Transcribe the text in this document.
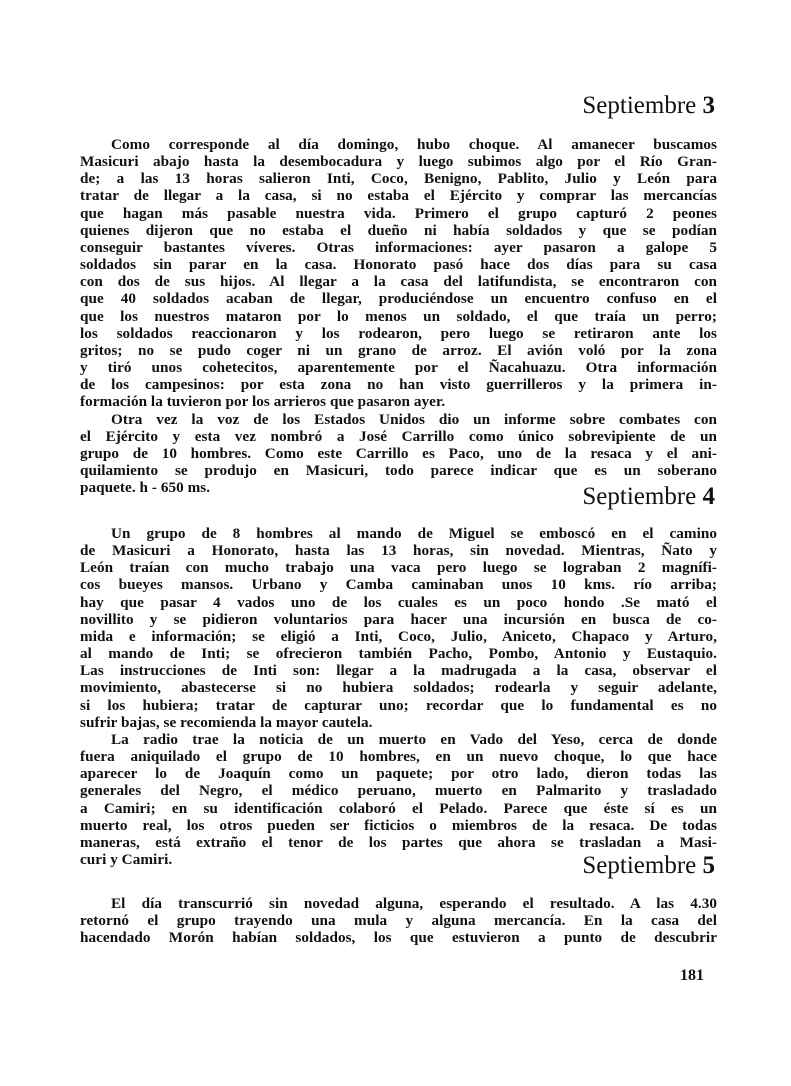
Septiembre 3
Como corresponde al día domingo, hubo choque. Al amanecer buscamos
Masicuri abajo hasta la desembocadura y luego subimos algo por el Río Gran-
de; a las 13 horas salieron Inti, Coco, Benigno, Pablito, Julio y León para
tratar de llegar a la casa, si no estaba el Ejército y comprar las mercancías
que hagan más pasable nuestra vida. Primero el grupo capturó 2 peones
quienes dijeron que no estaba el dueño ni había soldados y que se podían
conseguir bastantes víveres. Otras informaciones: ayer pasaron a galope 5
soldados sin parar en la casa. Honorato pasó hace dos días para su casa
con dos de sus hijos. Al llegar a la casa del latifundista, se encontraron con
que 40 soldados acaban de llegar, produciéndose un encuentro confuso en el
que los nuestros mataron por lo menos un soldado, el que traía un perro;
los soldados reaccionaron y los rodearon, pero luego se retiraron ante los
gritos; no se pudo coger ni un grano de arroz. El avión voló por la zona
y tiró unos cohetecitos, aparentemente por el Ñacahuazu. Otra información
de los campesinos: por esta zona no han visto guerrilleros y la primera in-
formación la tuvieron por los arrieros que pasaron ayer.
Otra vez la voz de los Estados Unidos dio un informe sobre combates con
el Ejército y esta vez nombró a José Carrillo como único sobrevipiente de un
grupo de 10 hombres. Como este Carrillo es Paco, uno de la resaca y el ani-
quilamiento se produjo en Masicuri, todo parece indicar que es un soberano
paquete. h - 650 ms.	Septiembre 4
Un grupo de 8 hombres al mando de Miguel se emboscó en el camino
de Masicuri a Honorato, hasta las 13 horas, sin novedad. Mientras, Ñato y
León traían con mucho trabajo una vaca pero luego se lograban 2 magnífi-
cos bueyes mansos. Urbano y Camba caminaban unos 10 kms. río arriba;
hay que pasar 4 vados uno de los cuales es un poco hondo .Se mató el
novillito y se pidieron voluntarios para hacer una incursión en busca de co-
mida e información; se eligió a Inti, Coco, Julio, Aniceto, Chapaco y Arturo,
al mando de Inti; se ofrecieron también Pacho, Pombo, Antonio y Eustaquio.
Las instrucciones de Inti son: llegar a la madrugada a la casa, observar el
movimiento, abastecerse si no hubiera soldados; rodearla y seguir adelante,
si los hubiera; tratar de capturar uno; recordar que lo fundamental es no
sufrir bajas, se recomienda la mayor cautela.
La radio trae la noticia de un muerto en Vado del Yeso, cerca de donde
fuera aniquilado el grupo de 10 hombres, en un nuevo choque, lo que hace
aparecer lo de Joaquín como un paquete; por otro lado, dieron todas las
generales del Negro, el médico peruano, muerto en Palmarito y trasladado
a Camiri; en su identificación colaboró el Pelado. Parece que éste sí es un
muerto real, los otros pueden ser ficticios o miembros de la resaca. De todas
maneras, está extraño el tenor de los partes que ahora se trasladan a Masi-
curi y Camiri.	Septiembre 5
El día transcurrió sin novedad alguna, esperando el resultado. A las 4.30
retornó el grupo trayendo una mula y alguna mercancía. En la casa del
hacendado Morón habían soldados, los que estuvieron a punto de descubrir

181
